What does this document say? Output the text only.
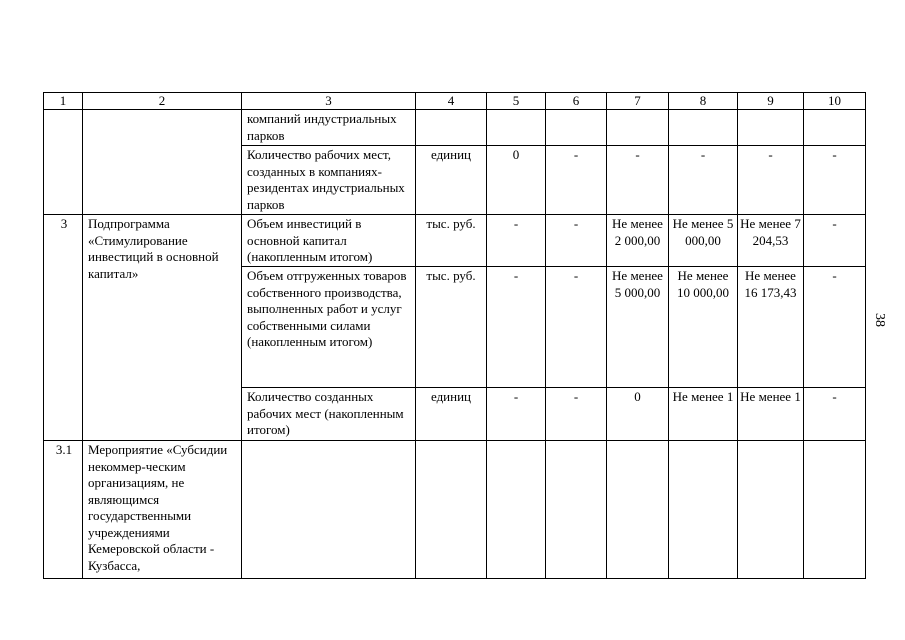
1	2	3	4	5	6	7	8	9	10
		компаний индустриальных парков							
		Количество рабочих мест, созданных в компаниях-резидентах индустриальных парков	единиц	0	-	-	-	-	-
3	Подпрограмма «Стимулирование инвестиций в основной капитал»	Объем инвестиций в основной капитал (накопленным итогом)	тыс. руб.	-	-	Не менее 2 000,00	Не менее 5 000,00	Не менее 7 204,53	-
		Объем отгруженных товаров собственного производства, выполненных работ и услуг собственными силами (накопленным итогом)	тыс. руб.	-	-	Не менее 5 000,00	Не менее 10 000,00	Не менее 16 173,43	-
		Количество созданных рабочих мест (накопленным итогом)	единиц	-	-	0	Не менее 1	Не менее 1	-
3.1	Мероприятие «Субсидии некоммер-ческим организациям, не являющимся государственными учреждениями Кемеровской области - Кузбасса,								
38
